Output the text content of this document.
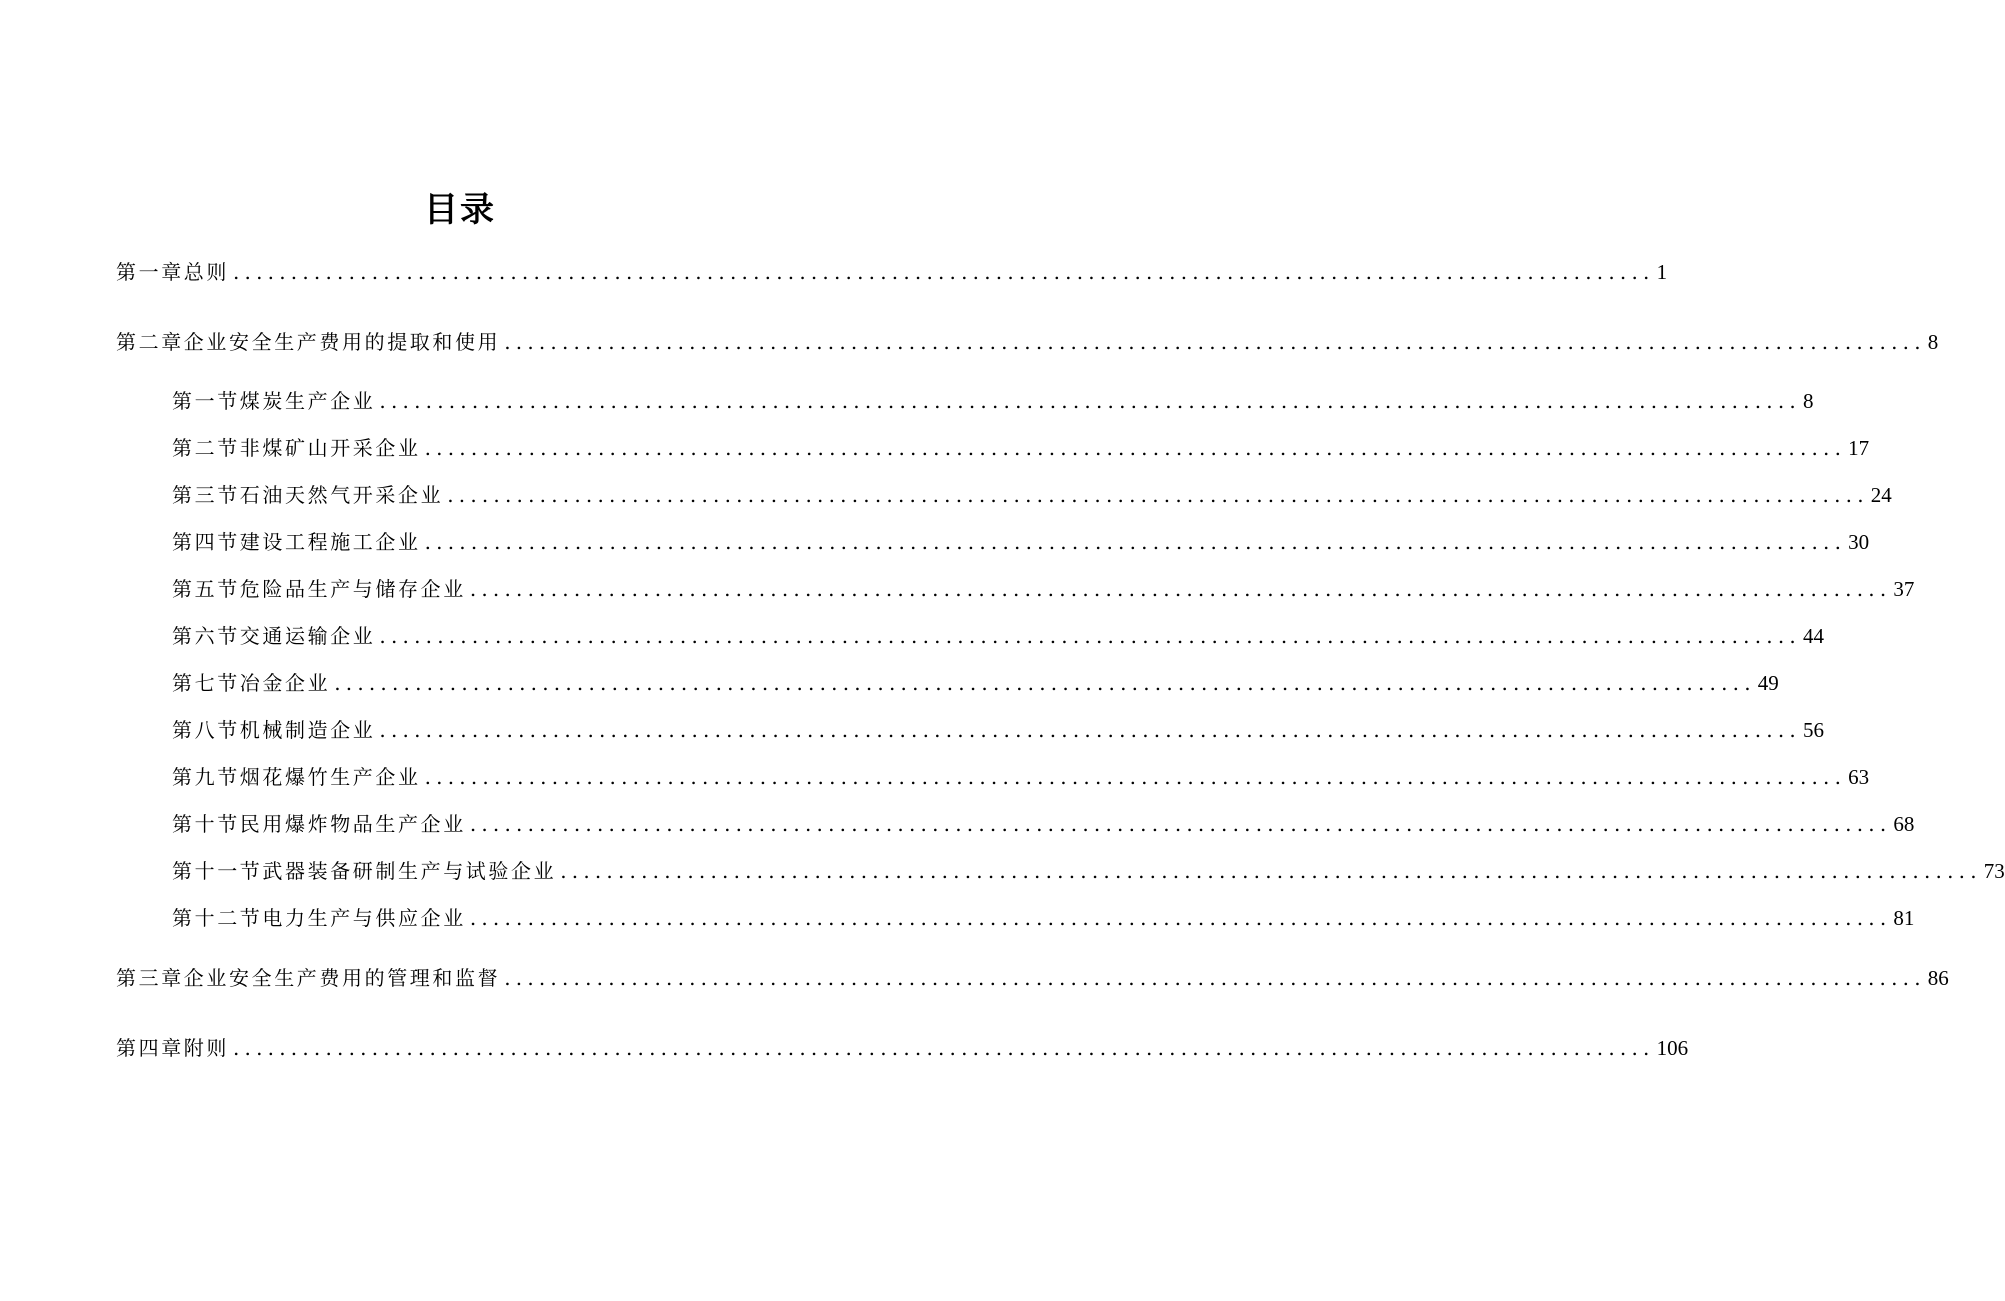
目录
第一章总则 ........................................................................................................................... 1
第二章企业安全生产费用的提取和使用 ........................................................................................................................... 8
第一节煤炭生产企业 ........................................................................................................................... 8
第二节非煤矿山开采企业 ........................................................................................................................... 17
第三节石油天然气开采企业 ........................................................................................................................... 24
第四节建设工程施工企业 ........................................................................................................................... 30
第五节危险品生产与储存企业 ........................................................................................................................... 37
第六节交通运输企业 ........................................................................................................................... 44
第七节冶金企业 ........................................................................................................................... 49
第八节机械制造企业 ........................................................................................................................... 56
第九节烟花爆竹生产企业 ........................................................................................................................... 63
第十节民用爆炸物品生产企业 ........................................................................................................................... 68
第十一节武器装备研制生产与试验企业 ........................................................................................................................... 73
第十二节电力生产与供应企业 ........................................................................................................................... 81
第三章企业安全生产费用的管理和监督 ........................................................................................................................... 86
第四章附则 ........................................................................................................................... 106
